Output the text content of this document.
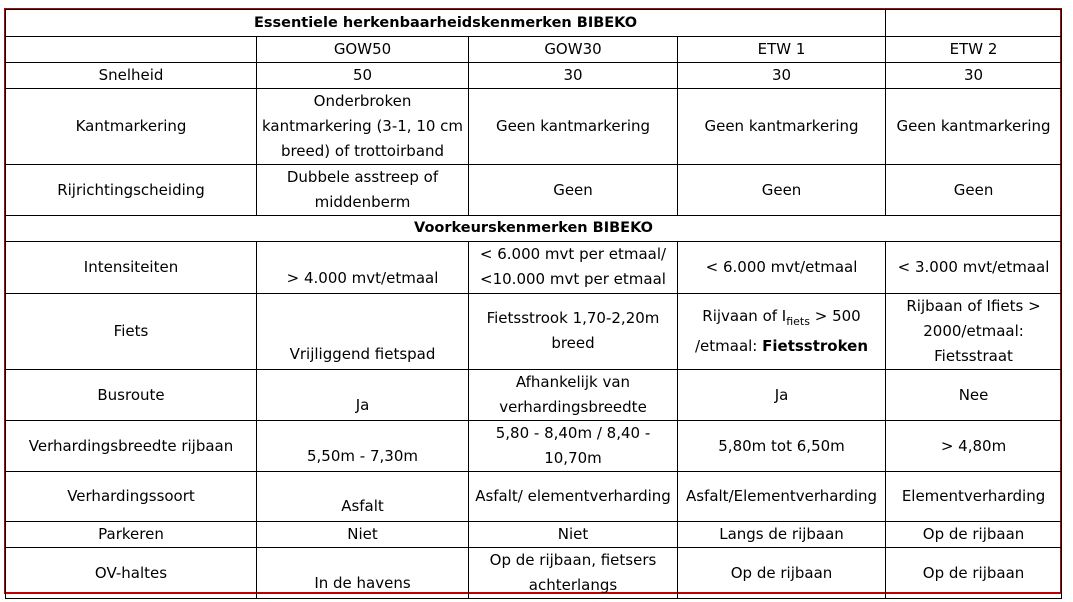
Essentiele herkenbaarheidskenmerken BIBEKO				
	GOW50	GOW30	ETW 1	ETW 2
Snelheid	50	30	30	30
Kantmarkering	Onderbroken kantmarkering (3-1, 10 cm breed) of trottoirband	Geen kantmarkering	Geen kantmarkering	Geen kantmarkering
Rijrichtingscheiding	Dubbele asstreep of middenberm	Geen	Geen	Geen
Voorkeurskenmerken BIBEKO				
Intensiteiten	> 4.000 mvt/etmaal	< 6.000 mvt per etmaal/ <10.000 mvt per etmaal	< 6.000 mvt/etmaal	< 3.000 mvt/etmaal
Fiets	Vrijliggend fietspad	Fietsstrook 1,70-2,20m breed	Rijvaan of $I_{fiets} > 500$ /etmaal: Fietsstroken	Rijbaan of Ifiets > 2000/etmaal: Fietsstraat
Busroute	Ja	Afhankelijk van verhardingsbreedte	Ja	Nee
Verhardingsbreedte rijbaan	5,50m - 7,30m	5,80 - 8,40m / 8,40 - 10,70m	5,80m tot 6,50m	> 4,80m
Verhardingssoort	Asfalt	Asfalt/ elementverharding	Asfalt/Elementverharding	Elementverharding
Parkeren	Niet	Niet	Langs de rijbaan	Op de rijbaan
OV-haltes	In de havens	Op de rijbaan, fietsers achterlangs	Op de rijbaan	Op de rijbaan
